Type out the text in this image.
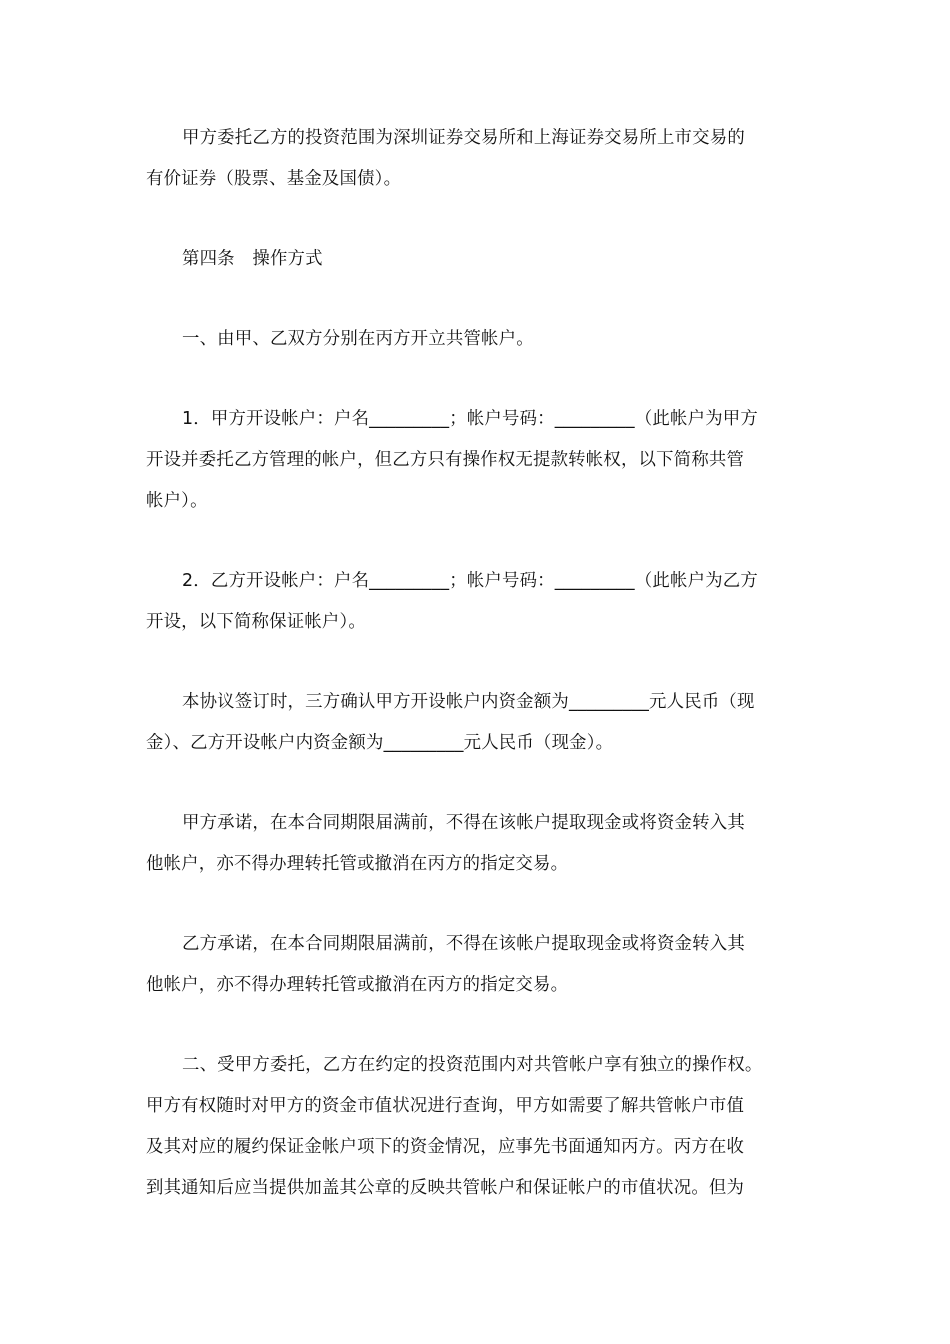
甲方委托乙方的投资范围为深圳证券交易所和上海证券交易所上市交易的
有价证券（股票、基金及国债）。

第四条　操作方式

一、由甲、乙双方分别在丙方开立共管帐户。

1．甲方开设帐户：户名_________；帐户号码：_________（此帐户为甲方
开设并委托乙方管理的帐户，但乙方只有操作权无提款转帐权，以下简称共管
帐户）。

2．乙方开设帐户：户名_________；帐户号码：_________（此帐户为乙方
开设，以下简称保证帐户）。

本协议签订时，三方确认甲方开设帐户内资金额为_________元人民币（现
金）、乙方开设帐户内资金额为_________元人民币（现金）。

甲方承诺，在本合同期限届满前，不得在该帐户提取现金或将资金转入其
他帐户，亦不得办理转托管或撤消在丙方的指定交易。

乙方承诺，在本合同期限届满前，不得在该帐户提取现金或将资金转入其
他帐户，亦不得办理转托管或撤消在丙方的指定交易。

二、受甲方委托，乙方在约定的投资范围内对共管帐户享有独立的操作权。
甲方有权随时对甲方的资金市值状况进行查询，甲方如需要了解共管帐户市值
及其对应的履约保证金帐户项下的资金情况，应事先书面通知丙方。丙方在收
到其通知后应当提供加盖其公章的反映共管帐户和保证帐户的市值状况。但为
